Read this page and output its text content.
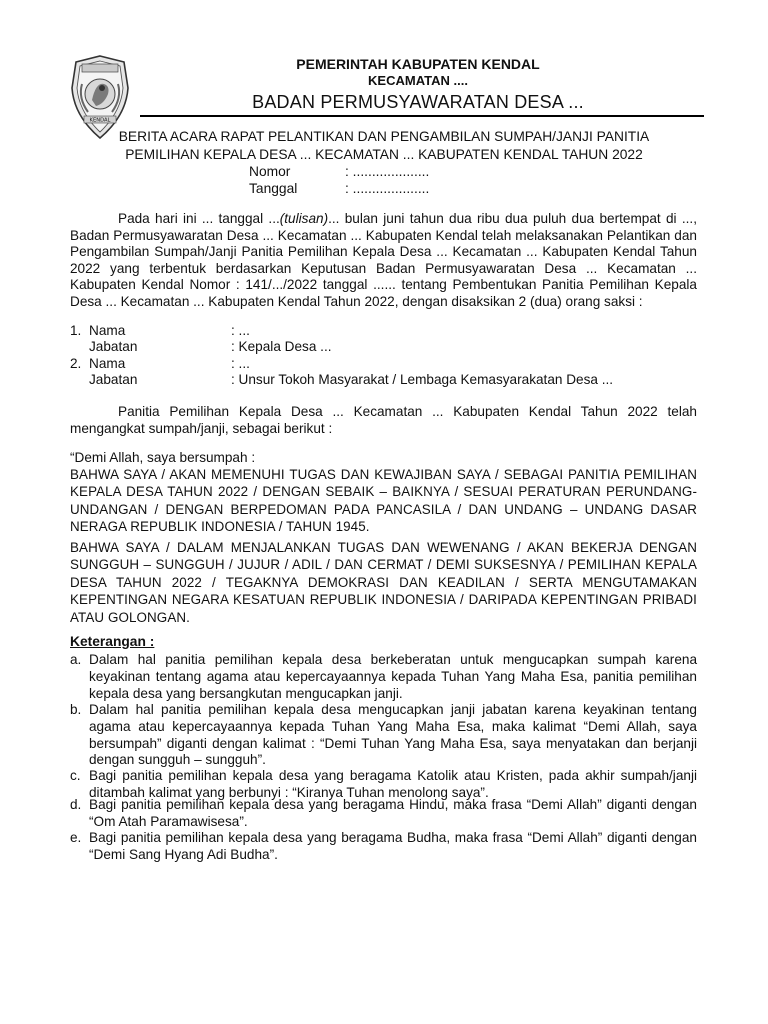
KENDAL
PEMERINTAH KABUPATEN KENDAL
KECAMATAN ....
BADAN PERMUSYAWARATAN DESA ...
BERITA ACARA RAPAT PELANTIKAN DAN PENGAMBILAN SUMPAH/JANJI PANITIA
PEMILIHAN KEPALA DESA ... KECAMATAN ... KABUPATEN KENDAL TAHUN 2022
Nomor	: ....................
Tanggal	: ....................
Pada hari ini ... tanggal ...(tulisan)... bulan juni tahun dua ribu dua puluh dua bertempat di ..., Badan Permusyawaratan Desa ... Kecamatan ... Kabupaten Kendal telah melaksanakan Pelantikan dan Pengambilan Sumpah/Janji Panitia Pemilihan Kepala Desa ... Kecamatan ... Kabupaten Kendal Tahun 2022 yang terbentuk berdasarkan Keputusan Badan Permusyawaratan Desa ... Kecamatan ... Kabupaten Kendal Nomor : 141/.../2022 tanggal ...... tentang Pembentukan Panitia Pemilihan Kepala Desa ... Kecamatan ... Kabupaten Kendal Tahun 2022, dengan disaksikan 2 (dua) orang saksi :
1. Nama	: ...
Jabatan	: Kepala Desa ...
2. Nama	: ...
Jabatan	: Unsur Tokoh Masyarakat / Lembaga Kemasyarakatan Desa ...
Panitia Pemilihan Kepala Desa ... Kecamatan ... Kabupaten Kendal Tahun 2022 telah mengangkat sumpah/janji, sebagai berikut :
“Demi Allah, saya bersumpah :
BAHWA SAYA / AKAN MEMENUHI TUGAS DAN KEWAJIBAN SAYA / SEBAGAI PANITIA PEMILIHAN KEPALA DESA TAHUN 2022 / DENGAN SEBAIK – BAIKNYA / SESUAI PERATURAN PERUNDANG-UNDANGAN / DENGAN BERPEDOMAN PADA PANCASILA / DAN UNDANG – UNDANG DASAR NERAGA REPUBLIK INDONESIA / TAHUN 1945.
BAHWA SAYA / DALAM MENJALANKAN TUGAS DAN WEWENANG / AKAN BEKERJA DENGAN SUNGGUH – SUNGGUH / JUJUR / ADIL / DAN CERMAT / DEMI SUKSESNYA / PEMILIHAN KEPALA DESA TAHUN 2022 / TEGAKNYA DEMOKRASI DAN KEADILAN / SERTA MENGUTAMAKAN KEPENTINGAN NEGARA KESATUAN REPUBLIK INDONESIA / DARIPADA KEPENTINGAN PRIBADI ATAU GOLONGAN.
Keterangan :
a. Dalam hal panitia pemilihan kepala desa berkeberatan untuk mengucapkan sumpah karena keyakinan tentang agama atau kepercayaannya kepada Tuhan Yang Maha Esa, panitia pemilihan kepala desa yang bersangkutan mengucapkan janji.
b. Dalam hal panitia pemilihan kepala desa mengucapkan janji jabatan karena keyakinan tentang agama atau kepercayaannya kepada Tuhan Yang Maha Esa, maka kalimat “Demi Allah, saya bersumpah” diganti dengan kalimat : “Demi Tuhan Yang Maha Esa, saya menyatakan dan berjanji dengan sungguh – sungguh”.
c. Bagi panitia pemilihan kepala desa yang beragama Katolik atau Kristen, pada akhir sumpah/janji ditambah kalimat yang berbunyi : “Kiranya Tuhan menolong saya”.
d. Bagi panitia pemilihan kepala desa yang beragama Hindu, maka frasa “Demi Allah” diganti dengan “Om Atah Paramawisesa”.
e. Bagi panitia pemilihan kepala desa yang beragama Budha, maka frasa “Demi Allah” diganti dengan “Demi Sang Hyang Adi Budha”.
